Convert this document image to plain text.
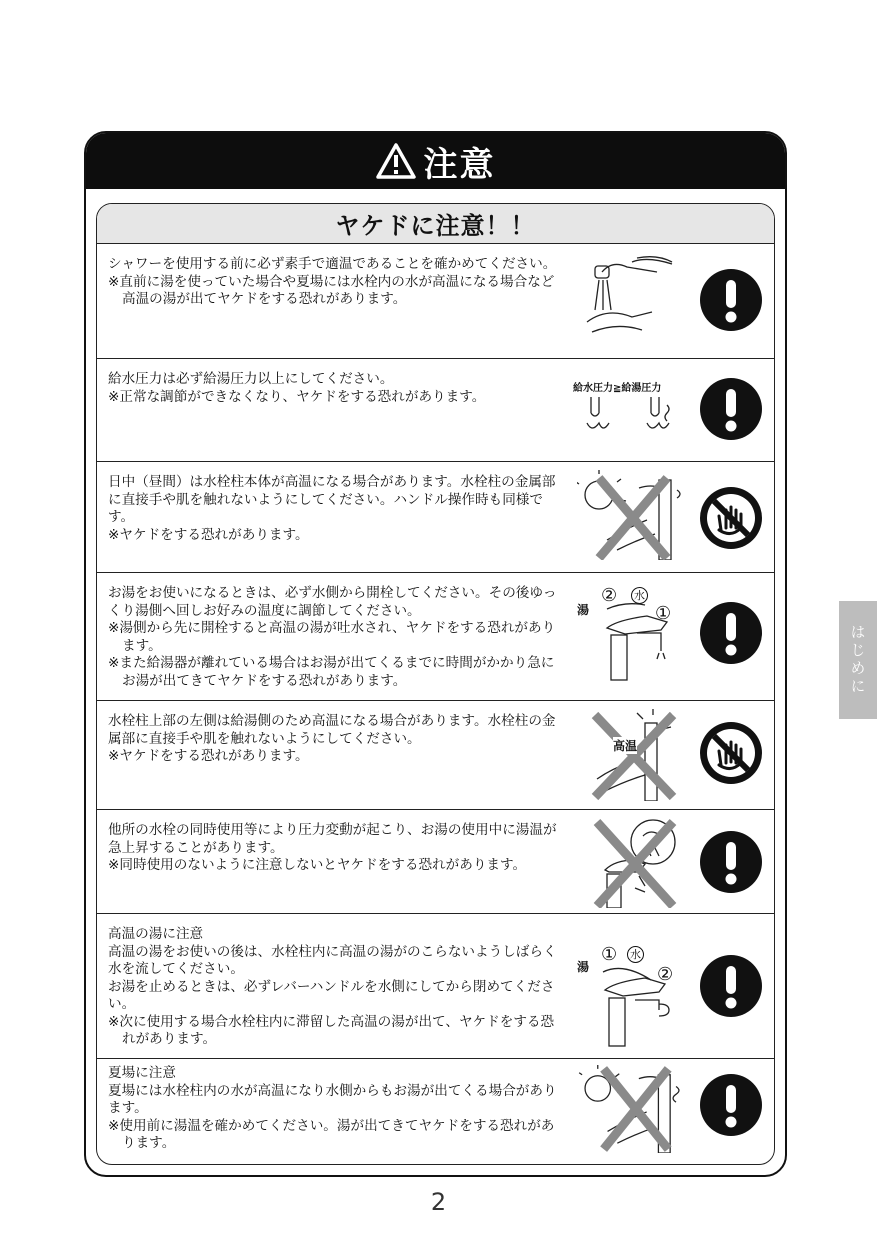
注意
ヤケドに注意！！

シャワーを使用する前に必ず素手で適温であることを確かめてください。

※直前に湯を使っていた場合や夏場には水栓内の水が高温になる場合など高温の湯が出てヤケドをする恐れがあります。

給水圧力は必ず給湯圧力以上にしてください。

※正常な調節ができなくなり、ヤケドをする恐れがあります。	給水圧力≧給湯圧力

日中（昼間）は水栓柱本体が高温になる場合があります。水栓柱の金属部に直接手や肌を触れないようにしてください。ハンドル操作時も同様です。

※ヤケドをする恐れがあります。

お湯をお使いになるときは、必ず水側から開栓してください。その後ゆっくり湯側へ回しお好みの温度に調節してください。

※湯側から先に開栓すると高温の湯が吐水され、ヤケドをする恐れがあります。

※また給湯器が離れている場合はお湯が出てくるまでに時間がかかり急にお湯が出てきてヤケドをする恐れがあります。

湯
② 水
①

水栓柱上部の左側は給湯側のため高温になる場合があります。水栓柱の金属部に直接手や肌を触れないようにしてください。

※ヤケドをする恐れがあります。

高温

他所の水栓の同時使用等により圧力変動が起こり、お湯の使用中に湯温が急上昇することがあります。

※同時使用のないように注意しないとヤケドをする恐れがあります。

高温の湯に注意

高温の湯をお使いの後は、水栓柱内に高温の湯がのこらないようしばらく水を流してください。

お湯を止めるときは、必ずレバーハンドルを水側にしてから閉めてください。

※次に使用する場合水栓柱内に滞留した高温の湯が出て、ヤケドをする恐れがあります。

湯
① 水
②

夏場に注意

夏場には水栓柱内の水が高温になり水側からもお湯が出てくる場合があります。

※使用前に湯温を確かめてください。湯が出てきてヤケドをする恐れがあります。

はじめに
2
